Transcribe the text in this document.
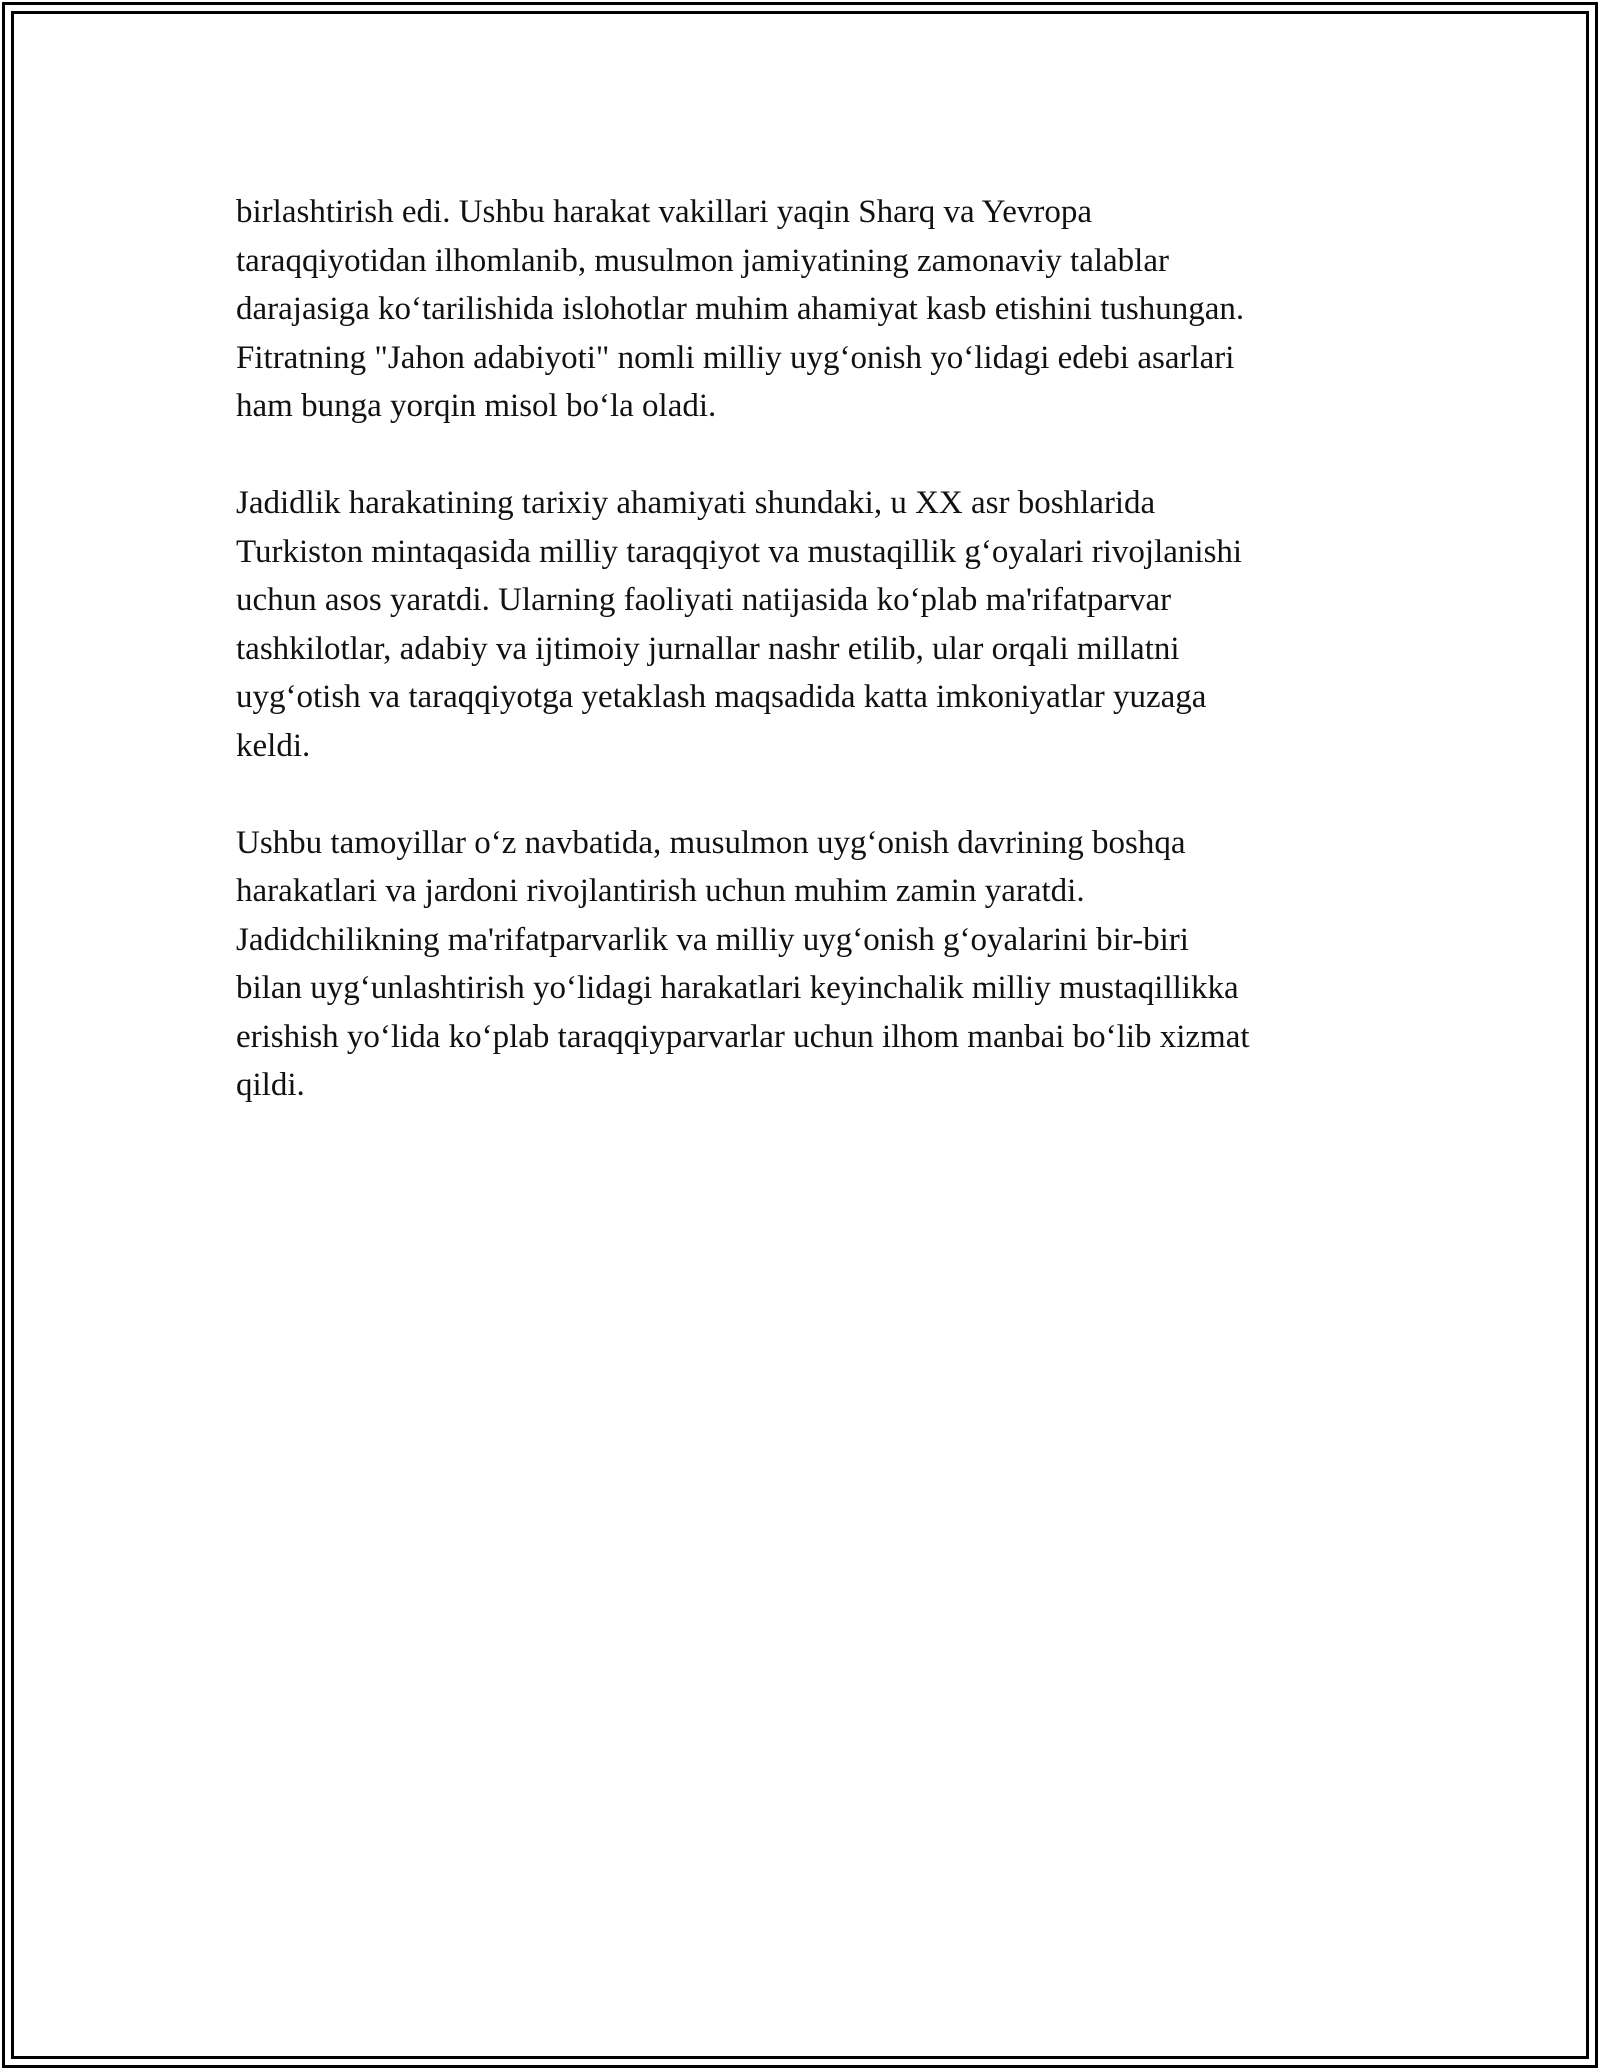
birlashtirish edi. Ushbu harakat vakillari yaqin Sharq va Yevropa
taraqqiyotidan ilhomlanib, musulmon jamiyatining zamonaviy talablar
darajasiga ko‘tarilishida islohotlar muhim ahamiyat kasb etishini tushungan.
Fitratning "Jahon adabiyoti" nomli milliy uyg‘onish yo‘lidagi edebi asarlari
ham bunga yorqin misol bo‘la oladi.

Jadidlik harakatining tarixiy ahamiyati shundaki, u XX asr boshlarida
Turkiston mintaqasida milliy taraqqiyot va mustaqillik g‘oyalari rivojlanishi
uchun asos yaratdi. Ularning faoliyati natijasida ko‘plab ma'rifatparvar
tashkilotlar, adabiy va ijtimoiy jurnallar nashr etilib, ular orqali millatni
uyg‘otish va taraqqiyotga yetaklash maqsadida katta imkoniyatlar yuzaga
keldi.

Ushbu tamoyillar o‘z navbatida, musulmon uyg‘onish davrining boshqa
harakatlari va jardoni rivojlantirish uchun muhim zamin yaratdi.
Jadidchilikning ma'rifatparvarlik va milliy uyg‘onish g‘oyalarini bir-biri
bilan uyg‘unlashtirish yo‘lidagi harakatlari keyinchalik milliy mustaqillikka
erishish yo‘lida ko‘plab taraqqiyparvarlar uchun ilhom manbai bo‘lib xizmat
qildi.
